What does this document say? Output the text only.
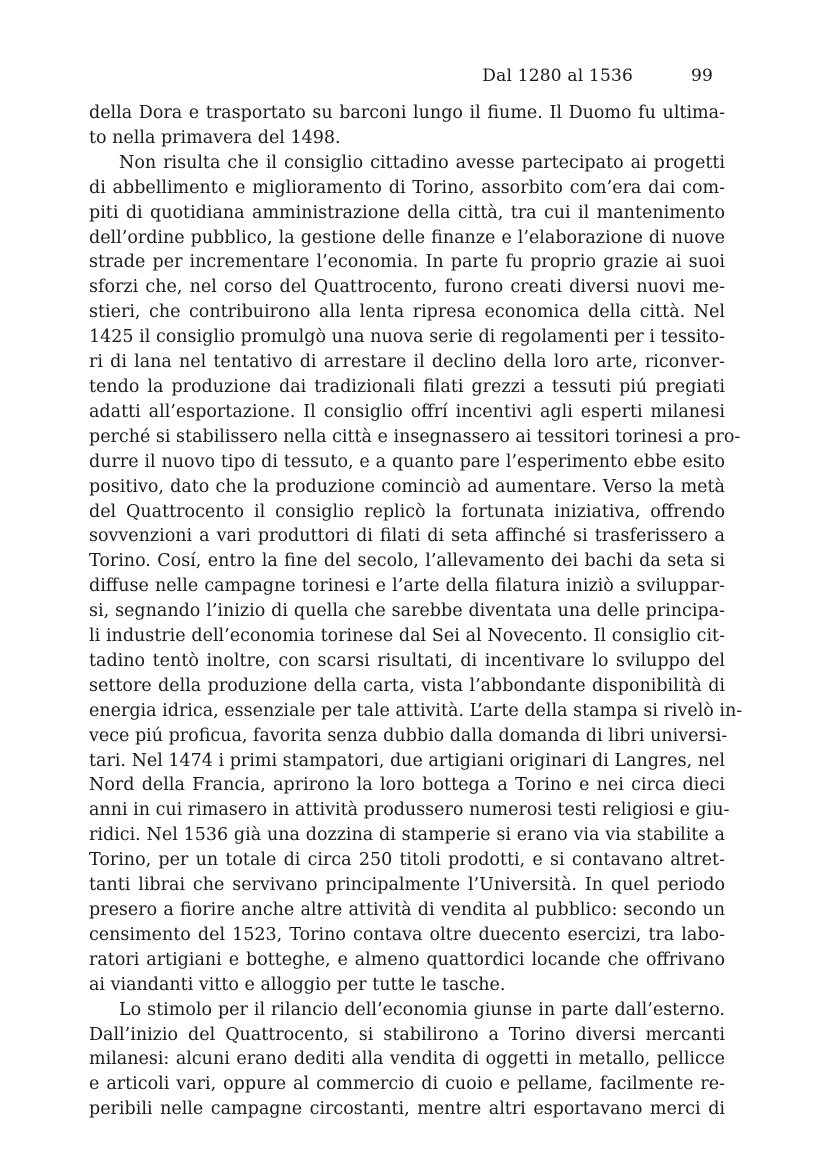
Dal 1280 al 1536	99
della Dora e trasportato su barconi lungo il fiume. Il Duomo fu ultima-
to nella primavera del 1498.
Non risulta che il consiglio cittadino avesse partecipato ai progetti
di abbellimento e miglioramento di Torino, assorbito com’era dai com-
piti di quotidiana amministrazione della città, tra cui il mantenimento
dell’ordine pubblico, la gestione delle finanze e l’elaborazione di nuove
strade per incrementare l’economia. In parte fu proprio grazie ai suoi
sforzi che, nel corso del Quattrocento, furono creati diversi nuovi me-
stieri, che contribuirono alla lenta ripresa economica della città. Nel
1425 il consiglio promulgò una nuova serie di regolamenti per i tessito-
ri di lana nel tentativo di arrestare il declino della loro arte, riconver-
tendo la produzione dai tradizionali filati grezzi a tessuti piú pregiati
adatti all’esportazione. Il consiglio offrí incentivi agli esperti milanesi
perché si stabilissero nella città e insegnassero ai tessitori torinesi a pro-
durre il nuovo tipo di tessuto, e a quanto pare l’esperimento ebbe esito
positivo, dato che la produzione cominciò ad aumentare. Verso la metà
del Quattrocento il consiglio replicò la fortunata iniziativa, offrendo
sovvenzioni a vari produttori di filati di seta affinché si trasferissero a
Torino. Cosí, entro la fine del secolo, l’allevamento dei bachi da seta si
diffuse nelle campagne torinesi e l’arte della filatura iniziò a sviluppar-
si, segnando l’inizio di quella che sarebbe diventata una delle principa-
li industrie dell’economia torinese dal Sei al Novecento. Il consiglio cit-
tadino tentò inoltre, con scarsi risultati, di incentivare lo sviluppo del
settore della produzione della carta, vista l’abbondante disponibilità di
energia idrica, essenziale per tale attività. L’arte della stampa si rivelò in-
vece piú proficua, favorita senza dubbio dalla domanda di libri universi-
tari. Nel 1474 i primi stampatori, due artigiani originari di Langres, nel
Nord della Francia, aprirono la loro bottega a Torino e nei circa dieci
anni in cui rimasero in attività produssero numerosi testi religiosi e giu-
ridici. Nel 1536 già una dozzina di stamperie si erano via via stabilite a
Torino, per un totale di circa 250 titoli prodotti, e si contavano altret-
tanti librai che servivano principalmente l’Università. In quel periodo
presero a fiorire anche altre attività di vendita al pubblico: secondo un
censimento del 1523, Torino contava oltre duecento esercizi, tra labo-
ratori artigiani e botteghe, e almeno quattordici locande che offrivano
ai viandanti vitto e alloggio per tutte le tasche.
Lo stimolo per il rilancio dell’economia giunse in parte dall’esterno.
Dall’inizio del Quattrocento, si stabilirono a Torino diversi mercanti
milanesi: alcuni erano dediti alla vendita di oggetti in metallo, pellicce
e articoli vari, oppure al commercio di cuoio e pellame, facilmente re-
peribili nelle campagne circostanti, mentre altri esportavano merci di
